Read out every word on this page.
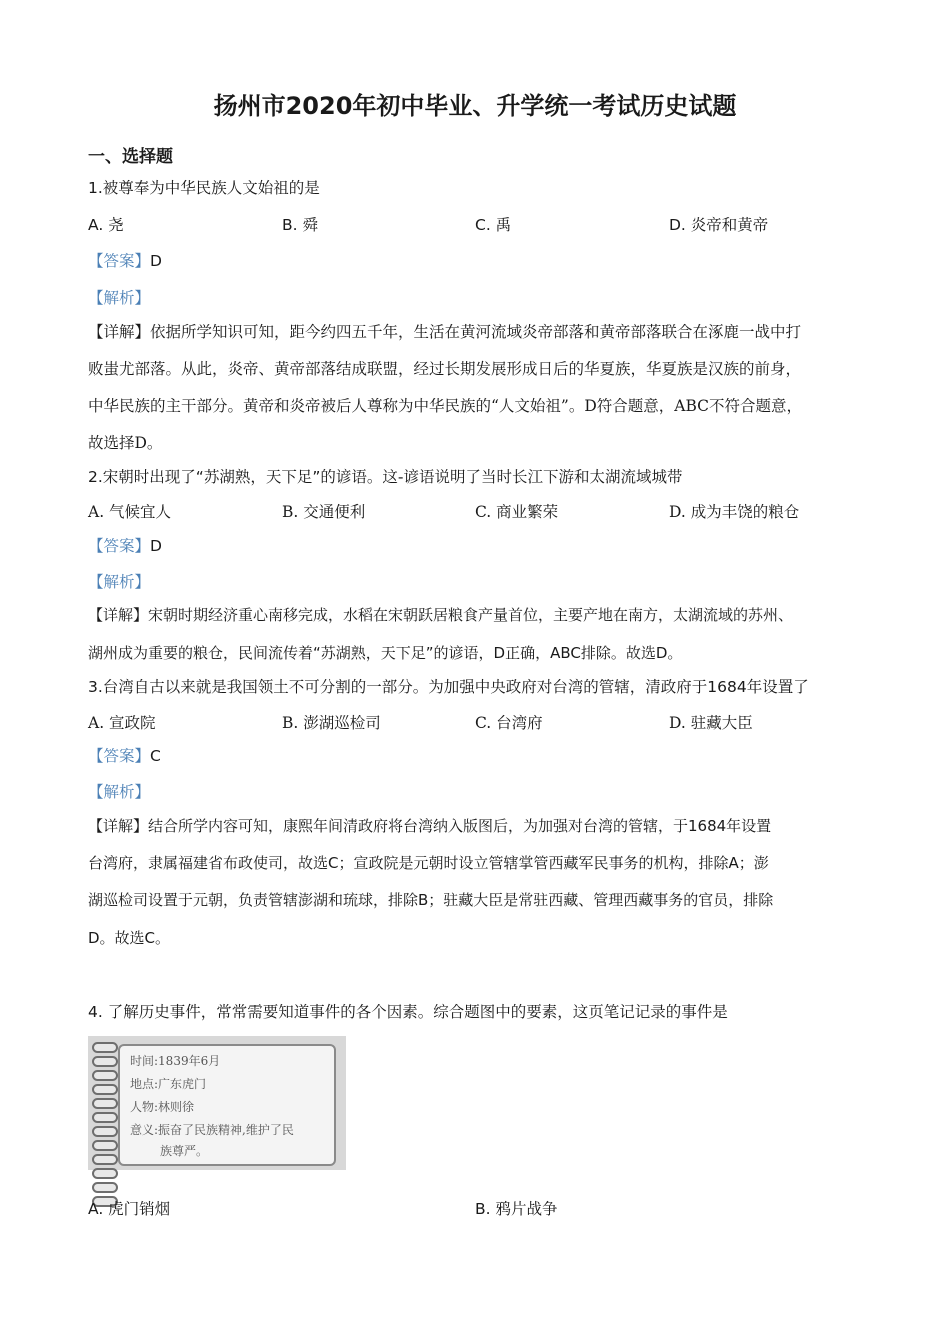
扬州市2020年初中毕业、升学统一考试历史试题
一、选择题
1.被尊奉为中华民族人文始祖的是
A. 尧	B. 舜	C. 禹	D. 炎帝和黄帝
【答案】D
【解析】
【详解】依据所学知识可知，距今约四五千年，生活在黄河流域炎帝部落和黄帝部落联合在涿鹿一战中打
败蚩尤部落。从此，炎帝、黄帝部落结成联盟，经过长期发展形成日后的华夏族，华夏族是汉族的前身，
中华民族的主干部分。黄帝和炎帝被后人尊称为中华民族的“人文始祖”。D符合题意，ABC不符合题意，
故选择D。
2.宋朝时出现了“苏湖熟，天下足”的谚语。这-谚语说明了当时长江下游和太湖流域城带
A. 气候宜人	B. 交通便利	C. 商业繁荣	D. 成为丰饶的粮仓
【答案】D
【解析】
【详解】宋朝时期经济重心南移完成，水稻在宋朝跃居粮食产量首位，主要产地在南方，太湖流域的苏州、
湖州成为重要的粮仓，民间流传着“苏湖熟，天下足”的谚语，D正确，ABC排除。故选D。
3.台湾自古以来就是我国领土不可分割的一部分。为加强中央政府对台湾的管辖，清政府于1684年设置了
A. 宣政院	B. 澎湖巡检司	C. 台湾府	D. 驻藏大臣
【答案】C
【解析】
【详解】结合所学内容可知，康熙年间清政府将台湾纳入版图后，为加强对台湾的管辖，于1684年设置
台湾府，隶属福建省布政使司，故选C；宣政院是元朝时设立管辖掌管西藏军民事务的机构，排除A；澎
湖巡检司设置于元朝，负责管辖澎湖和琉球，排除B；驻藏大臣是常驻西藏、管理西藏事务的官员，排除
D。故选C。
4. 了解历史事件，常常需要知道事件的各个因素。综合题图中的要素，这页笔记记录的事件是
时间:1839年6月
地点:广东虎门
人物:林则徐
意义:振奋了民族精神,维护了民
族尊严。
A. 虎门销烟	B. 鸦片战争
